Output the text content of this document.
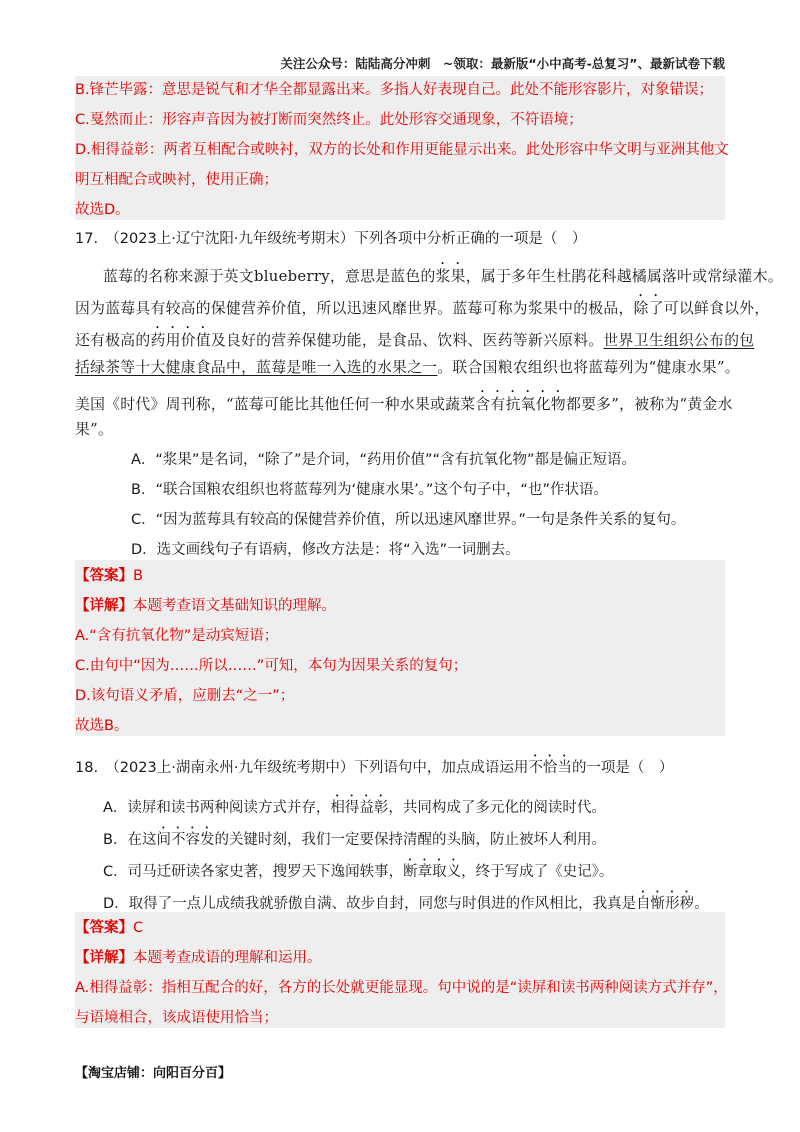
关注公众号：陆陆高分冲刺　~领取：最新版“小中高考-总复习”、最新试卷下载
B.锋芒毕露：意思是锐气和才华全都显露出来。多指人好表现自己。此处不能形容影片，对象错误；
C.戛然而止：形容声音因为被打断而突然终止。此处形容交通现象，不符语境；
D.相得益彰：两者互相配合或映衬，双方的长处和作用更能显示出来。此处形容中华文明与亚洲其他文
明互相配合或映衬，使用正确；
故选D。
17.　（2023上·辽宁沈阳·九年级统考期末）下列各项中分析正确的一项是（　）
蓝莓的名称来源于英文blueberry，意思是蓝色的浆果，属于多年生杜鹃花科越橘属落叶或常绿灌木。
因为蓝莓具有较高的保健营养价值，所以迅速风靡世界。蓝莓可称为浆果中的极品，除了可以鲜食以外，
还有极高的药用价值及良好的营养保健功能，是食品、饮料、医药等新兴原料。世界卫生组织公布的包
括绿茶等十大健康食品中，蓝莓是唯一入选的水果之一。联合国粮农组织也将蓝莓列为“健康水果”。
美国《时代》周刊称，“蓝莓可能比其他任何一种水果或蔬菜含有抗氧化物都要多”，被称为“黄金水
果”。
A．“浆果”是名词，“除了”是介词，“药用价值”“含有抗氧化物”都是偏正短语。
B．“联合国粮农组织也将蓝莓列为‘健康水果’。”这个句子中，“也”作状语。
C．“因为蓝莓具有较高的保健营养价值，所以迅速风靡世界。”一句是条件关系的复句。
D．选文画线句子有语病，修改方法是：将“入选”一词删去。
【答案】B
【详解】本题考查语文基础知识的理解。
A.“含有抗氧化物”是动宾短语；
C.由句中“因为……所以……”可知，本句为因果关系的复句；
D.该句语义矛盾，应删去“之一”；
故选B。
18.　（2023上·湖南永州·九年级统考期中）下列语句中，加点成语运用不恰当的一项是（　）
A．读屏和读书两种阅读方式并存，相得益彰，共同构成了多元化的阅读时代。
B．在这间不容发的关键时刻，我们一定要保持清醒的头脑，防止被坏人利用。
C．司马迁研读各家史著，搜罗天下逸闻轶事，断章取义，终于写成了《史记》。
D．取得了一点儿成绩我就骄傲自满、故步自封，同您与时俱进的作风相比，我真是自惭形秽。
【答案】C
【详解】本题考查成语的理解和运用。
A.相得益彰：指相互配合的好，各方的长处就更能显现。句中说的是“读屏和读书两种阅读方式并存”，
与语境相合，该成语使用恰当；
【淘宝店铺：向阳百分百】
